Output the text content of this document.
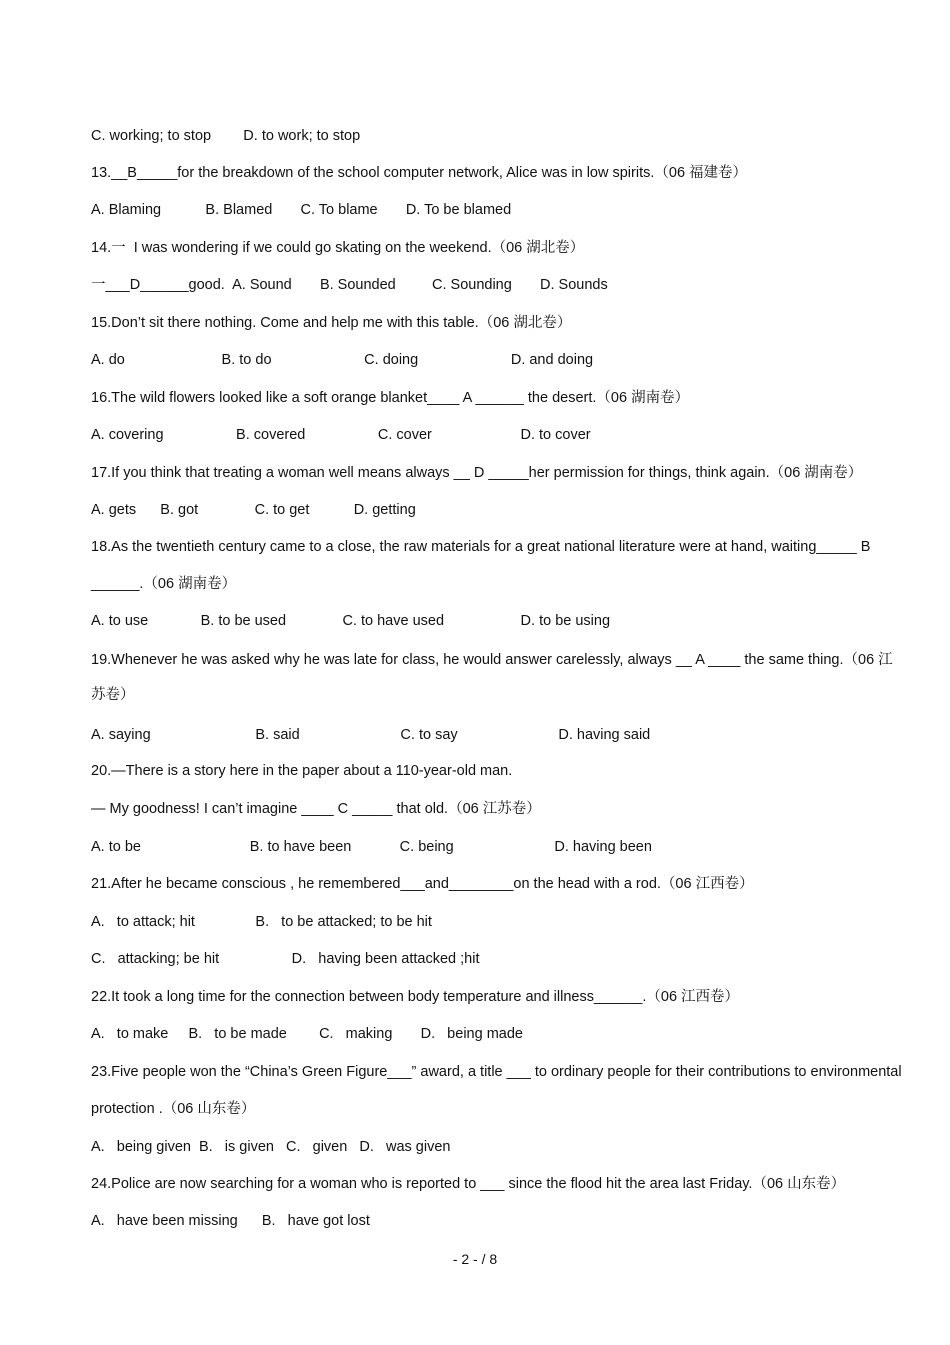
C. working; to stop        D. to work; to stop
13.__B_____for the breakdown of the school computer network, Alice was in low spirits.（06 福建卷）
A. Blaming           B. Blamed       C. To blame       D. To be blamed
14.一  I was wondering if we could go skating on the weekend.（06 湖北卷）
一___D______good.  A. Sound       B. Sounded         C. Sounding       D. Sounds
15.Don’t sit there nothing. Come and help me with this table.（06 湖北卷）
A. do                        B. to do                       C. doing                       D. and doing
16.The wild flowers looked like a soft orange blanket____ A ______ the desert.（06 湖南卷）
A. covering                  B. covered                  C. cover                      D. to cover
17.If you think that treating a woman well means always __ D _____her permission for things, think again.（06 湖南卷）
A. gets      B. got              C. to get           D. getting
18.As the twentieth century came to a close, the raw materials for a great national literature were at hand, waiting_____ B
______.（06 湖南卷）
A. to use             B. to be used              C. to have used                   D. to be using
19.Whenever he was asked why he was late for class, he would answer carelessly, always __ A ____ the same thing.（06 江
苏卷）
A. saying                          B. said                         C. to say                         D. having said
20.—There is a story here in the paper about a 110-year-old man.
— My goodness! I can’t imagine ____ C _____ that old.（06 江苏卷）
A. to be                           B. to have been            C. being                         D. having been
21.After he became conscious , he remembered___and________on the head with a rod.（06 江西卷）
A.   to attack; hit               B.   to be attacked; to be hit
C.   attacking; be hit                  D.   having been attacked ;hit
22.It took a long time for the connection between body temperature and illness______.（06 江西卷）
A.   to make     B.   to be made        C.   making       D.   being made
23.Five people won the “China’s Green Figure___” award, a title ___ to ordinary people for their contributions to environmental
protection .（06 山东卷）
A.   being given  B.   is given   C.   given   D.   was given
24.Police are now searching for a woman who is reported to ___ since the flood hit the area last Friday.（06 山东卷）
A.   have been missing      B.   have got lost
- 2 - / 8
